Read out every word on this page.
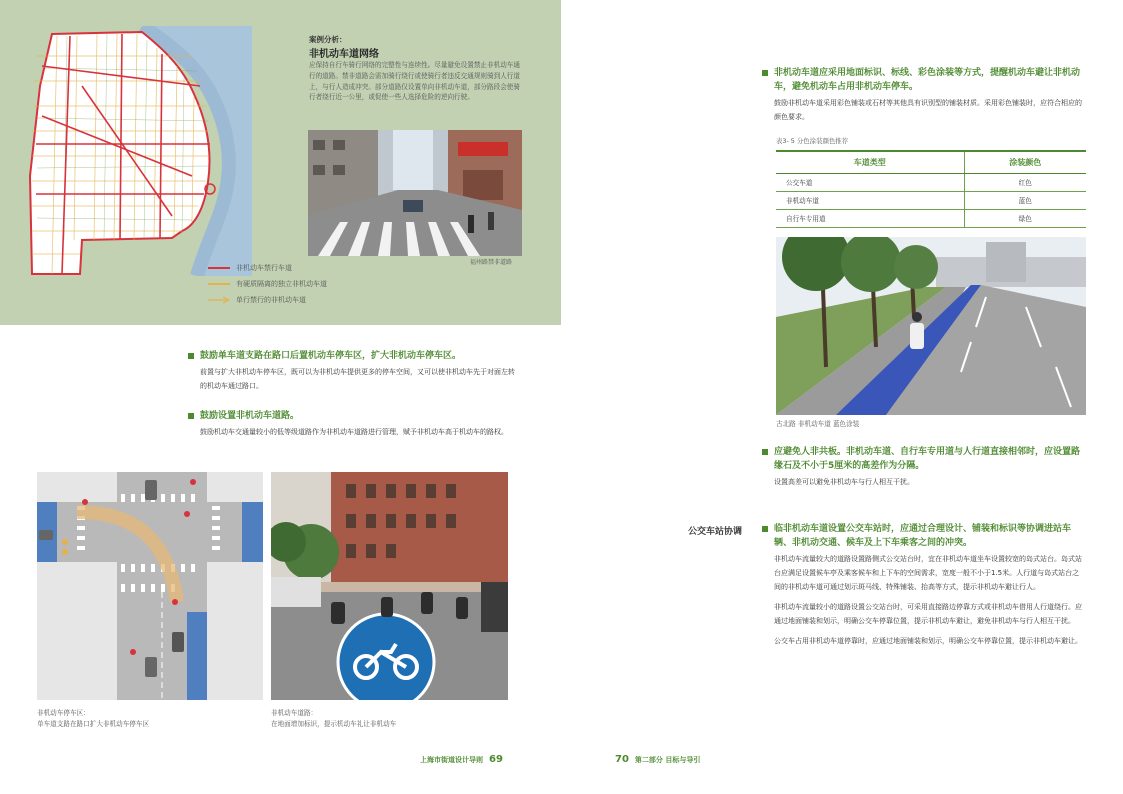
非机动车禁行车道
有硬质隔离的独立非机动车道
单行禁行的非机动车道
案例分析：
非机动车道网络
应保持自行车骑行网络的完整性与连续性。尽量避免设置禁止非机动车通行的道路。禁非道路会需加骑行绕行或使骑行者违反交通规则骑到人行道上，与行人造成冲突。部分道路仅设置单向非机动车道，部分路段会使骑行者绕行近一公里，或促使一些人选择危险的逆向行驶。
福州路禁非道路
鼓励单车道支路在路口后置机动车停车区，扩大非机动车停车区。
前置与扩大非机动车停车区，既可以为非机动车提供更多的停车空间，又可以使非机动车先于对面左转的机动车通过路口。
鼓励设置非机动车道路。
鼓励机动车交通量较小的低等级道路作为非机动车道路进行管理，赋予非机动车高于机动车的路权。
非机动车停车区：
单车道支路在路口扩大非机动车停车区
非机动车道路：
在地面增加标识，提示机动车礼让非机动车
上海市街道设计导则 69
非机动车道应采用地面标识、标线、彩色涂装等方式，提醒机动车避让非机动车，避免机动车占用非机动车停车。
鼓励非机动车道采用彩色铺装或石材等其他具有识别型的铺装材质。采用彩色铺装时，应符合相应的颜色要求。
表3- 5 分色涂装颜色推荐
车道类型	涂装颜色
公交车道	红色
非机动车道	蓝色
自行车专用道	绿色
古北路 非机动车道 蓝色涂装
应避免人非共板。非机动车道、自行车专用道与人行道直接相邻时，应设置路缘石及不小于5厘米的高差作为分隔。
设置高差可以避免非机动车与行人相互干扰。
公交车站协调	临非机动车道设置公交车站时，应通过合理设计、铺装和标识等协调进站车辆、非机动交通、候车及上下车乘客之间的冲突。
非机动车流量较大的道路设置路侧式公交站台时，宜在非机动车道坐车设置较宽的岛式站台。岛式站台应满足设置候车亭及乘客候车和上下车的空间需求，宽度一般不小于1.5米。人行道与岛式站台之间的非机动车道可通过划示斑马线、特殊铺装、抬高等方式，提示非机动车避让行人。
非机动车流量较小的道路设置公交站台时，可采用直接路边停靠方式或非机动车借用人行道绕行。应通过地面铺装和划示，明确公交车停靠位置，提示非机动车避让，避免非机动车与行人相互干扰。
公交车占用非机动车道停靠时，应通过地面铺装和划示，明确公交车停靠位置，提示非机动车避让。
70 第二部分 目标与导引
